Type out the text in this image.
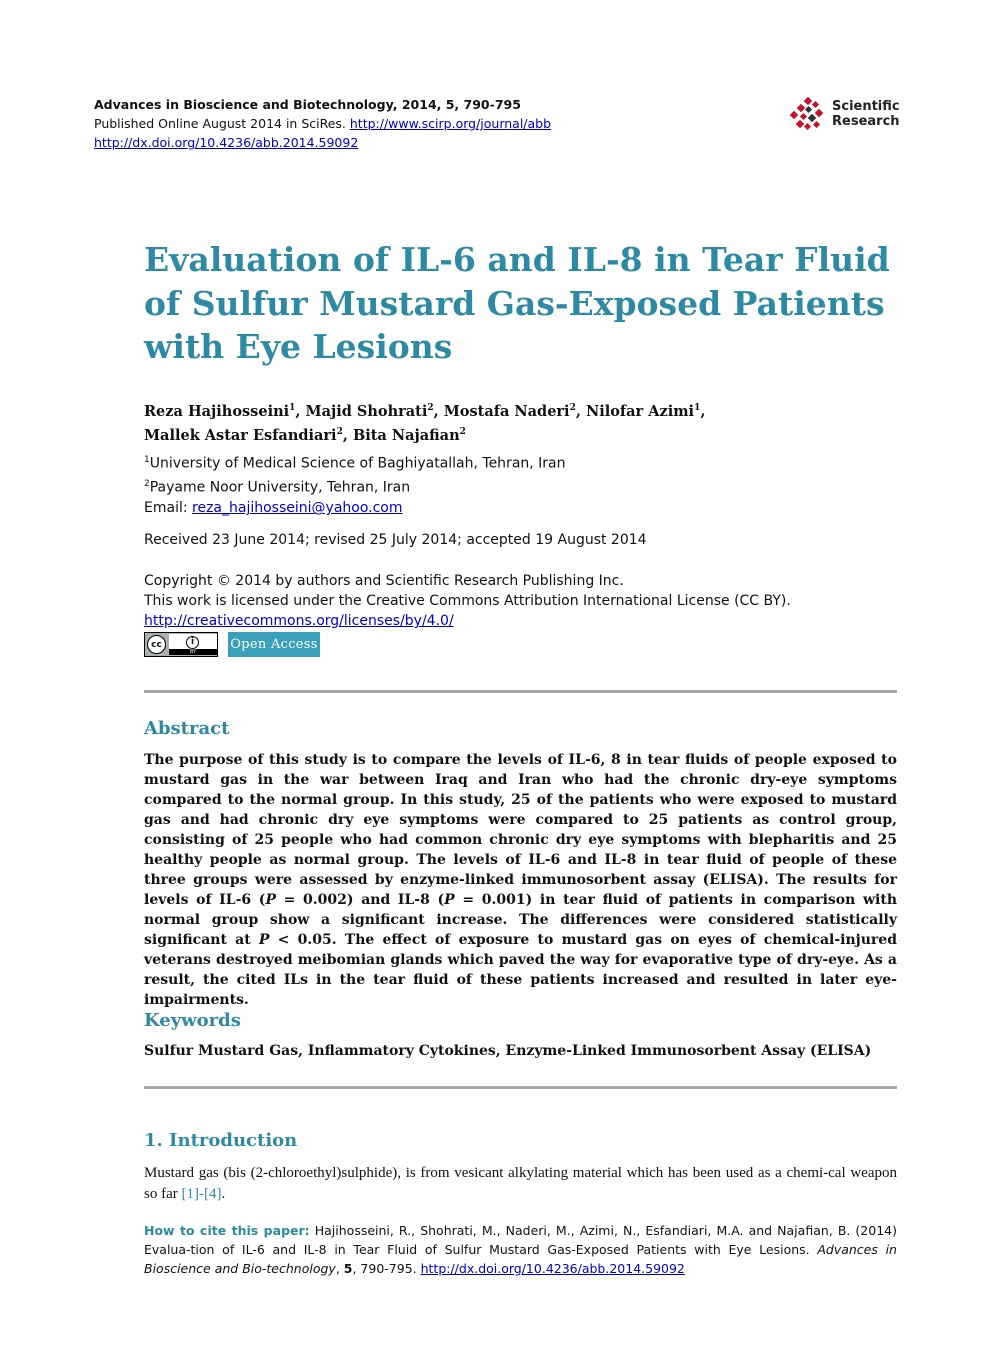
Advances in Bioscience and Biotechnology, 2014, 5, 790-795
Published Online August 2014 in SciRes. http://www.scirp.org/journal/abb
http://dx.doi.org/10.4236/abb.2014.59092
Scientific
Research
Evaluation of IL-6 and IL-8 in Tear Fluid of Sulfur Mustard Gas-Exposed Patients with Eye Lesions
Reza Hajihosseini$^1$, Majid Shohrati$^2$, Mostafa Naderi$^2$, Nilofar Azimi$^1$,
Mallek Astar Esfandiari$^2$, Bita Najafian$^2$
$^1$University of Medical Science of Baghiyatallah, Tehran, Iran
$^2$Payame Noor University, Tehran, Iran
Email: reza_hajihosseini@yahoo.com
Received 23 June 2014; revised 25 July 2014; accepted 19 August 2014
Copyright © 2014 by authors and Scientific Research Publishing Inc.
This work is licensed under the Creative Commons Attribution International License (CC BY).
http://creativecommons.org/licenses/by/4.0/
cc	i
BY	Open Access
Abstract
The purpose of this study is to compare the levels of IL-6, 8 in tear fluids of people exposed to mustard gas in the war between Iraq and Iran who had the chronic dry-eye symptoms compared to the normal group. In this study, 25 of the patients who were exposed to mustard gas and had chronic dry eye symptoms were compared to 25 patients as control group, consisting of 25 people who had common chronic dry eye symptoms with blepharitis and 25 healthy people as normal group. The levels of IL-6 and IL-8 in tear fluid of people of these three groups were assessed by enzyme-linked immunosorbent assay (ELISA). The results for levels of IL-6 (P = 0.002) and IL-8 (P = 0.001) in tear fluid of patients in comparison with normal group show a significant increase. The differences were considered statistically significant at P < 0.05. The effect of exposure to mustard gas on eyes of chemical-injured veterans destroyed meibomian glands which paved the way for evaporative type of dry-eye. As a result, the cited ILs in the tear fluid of these patients increased and resulted in later eye-impairments.
Keywords
Sulfur Mustard Gas, Inflammatory Cytokines, Enzyme-Linked Immunosorbent Assay (ELISA)
1. Introduction
Mustard gas (bis (2-chloroethyl)sulphide), is from vesicant alkylating material which has been used as a chemi-cal weapon so far [1]-[4].
How to cite this paper: Hajihosseini, R., Shohrati, M., Naderi, M., Azimi, N., Esfandiari, M.A. and Najafian, B. (2014) Evalua-tion of IL-6 and IL-8 in Tear Fluid of Sulfur Mustard Gas-Exposed Patients with Eye Lesions. Advances in Bioscience and Bio-technology, 5, 790-795. http://dx.doi.org/10.4236/abb.2014.59092
